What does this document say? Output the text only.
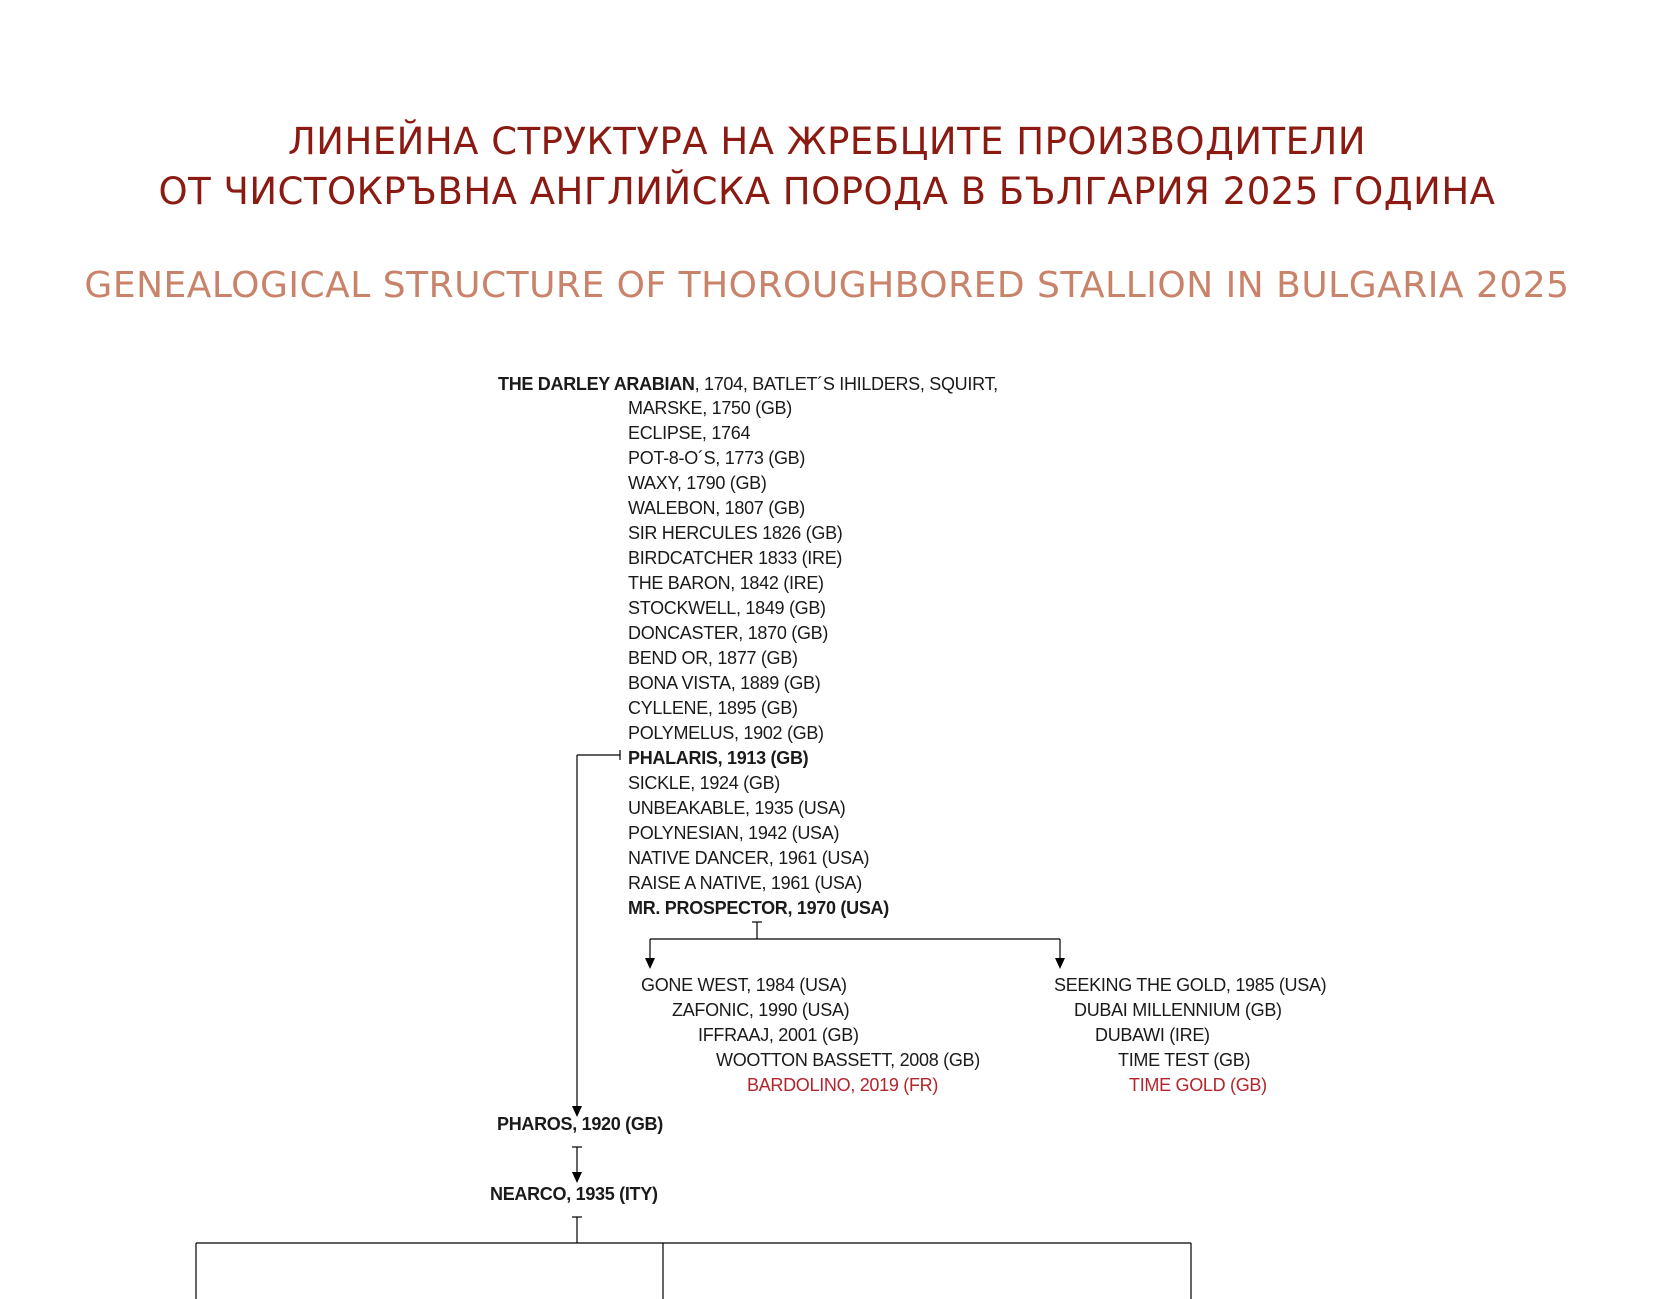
ЛИНЕЙНА СТРУКТУРА НА ЖРЕБЦИТЕ ПРОИЗВОДИТЕЛИ
ОТ ЧИСТОКРЪВНА АНГЛИЙСКА ПОРОДА В БЪЛГАРИЯ 2025 ГОДИНА
GENEALOGICAL STRUCTURE OF THOROUGHBORED STALLION IN BULGARIA 2025
THE DARLEY ARABIAN, 1704, BATLET´S IHILDERS, SQUIRT,
MARSKE, 1750 (GB)
ECLIPSE, 1764
POT-8-O´S, 1773 (GB)
WAXY, 1790 (GB)
WALEBON, 1807 (GB)
SIR HERCULES 1826 (GB)
BIRDCATCHER 1833 (IRE)
THE BARON, 1842 (IRE)
STOCKWELL, 1849 (GB)
DONCASTER, 1870 (GB)
BEND OR, 1877 (GB)
BONA VISTA, 1889 (GB)
CYLLENE, 1895 (GB)
POLYMELUS, 1902 (GB)
PHALARIS, 1913 (GB)
SICKLE, 1924 (GB)
UNBEAKABLE, 1935 (USA)
POLYNESIAN, 1942 (USA)
NATIVE DANCER, 1961 (USA)
RAISE A NATIVE, 1961 (USA)
MR. PROSPECTOR, 1970 (USA)
GONE WEST, 1984 (USA)
ZAFONIC, 1990 (USA)
IFFRAAJ, 2001 (GB)
WOOTTON BASSETT, 2008 (GB)
BARDOLINO, 2019 (FR)
SEEKING THE GOLD, 1985 (USA)
DUBAI MILLENNIUM (GB)
DUBAWI (IRE)
TIME TEST (GB)
TIME GOLD (GB)
PHAROS, 1920 (GB)
NEARCO, 1935 (ITY)
